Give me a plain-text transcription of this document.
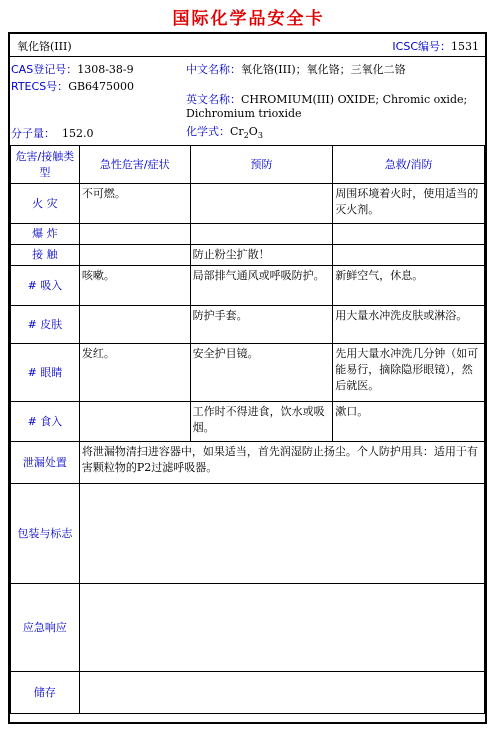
国际化学品安全卡
氧化铬(III)	ICSC编号：1531
CAS登记号：1308-38-9
RTECS号：GB6475000
中文名称：氧化铬(III)；氧化铬；三氧化二铬
英文名称：CHROMIUM(III) OXIDE; Chromic oxide;
Dichromium trioxide
分子量： 152.0	化学式：$Cr_2O_3$
危害/接触类型	急性危害/症状	预防	急救/消防
火 灾	不可燃。		周围环境着火时，使用适当的灭火剂。
爆 炸			
接 触		防止粉尘扩散！	
# 吸入	咳嗽。	局部排气通风或呼吸防护。	新鲜空气，休息。
# 皮肤		防护手套。	用大量水冲洗皮肤或淋浴。
# 眼睛	发红。	安全护目镜。	先用大量水冲洗几分钟（如可能易行，摘除隐形眼镜），然后就医。
# 食入		工作时不得进食，饮水或吸烟。	漱口。
泄漏处置	将泄漏物清扫进容器中，如果适当，首先润湿防止扬尘。个人防护用具：适用于有害颗粒物的P2过滤呼吸器。		
包装与标志			
应急响应			
储存			
